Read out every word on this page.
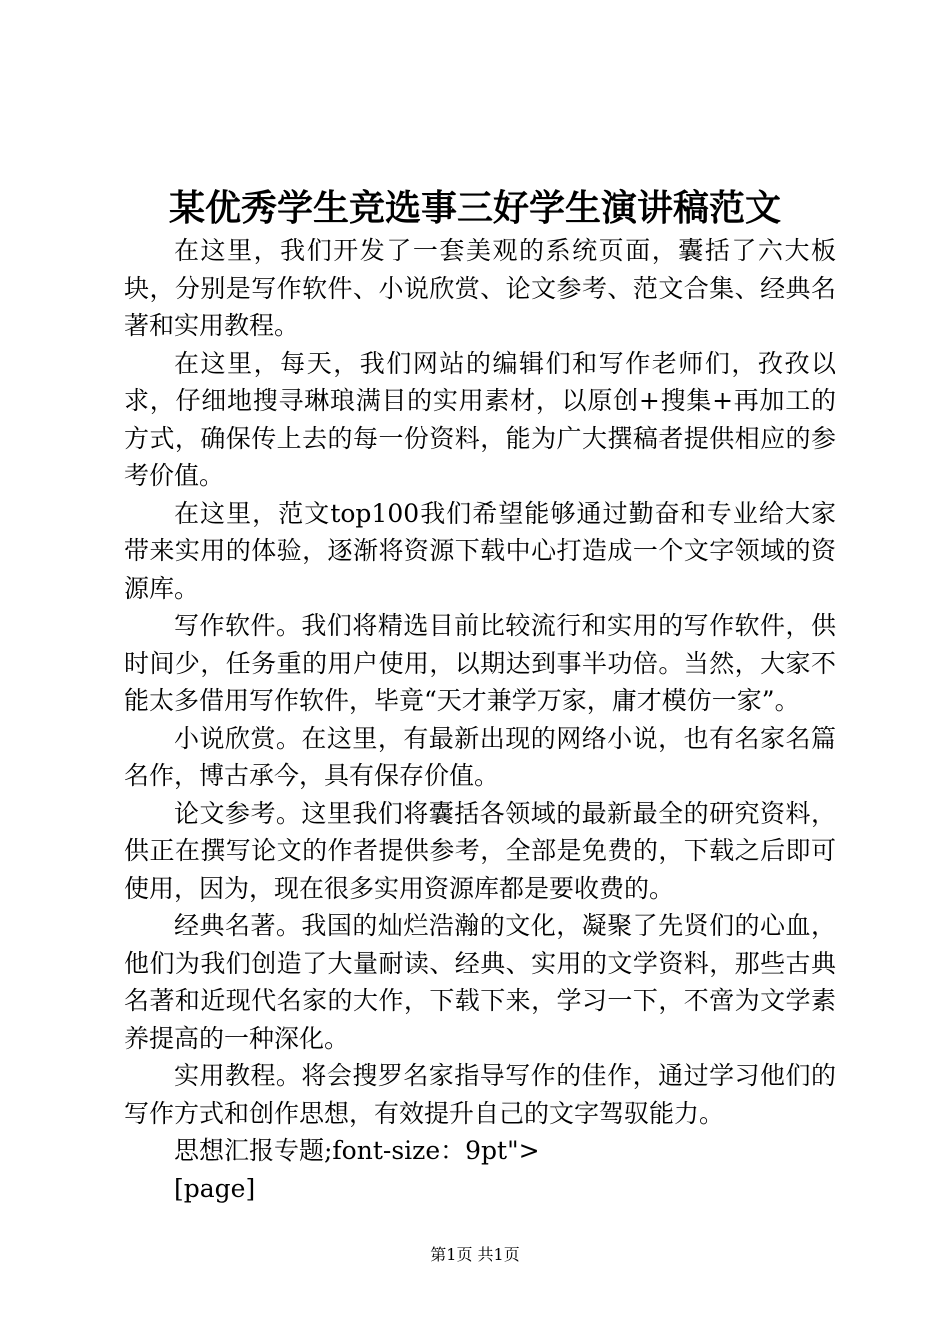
某优秀学生竞选事三好学生演讲稿范文

在这里，我们开发了一套美观的系统页面，囊括了六大板块，分别是写作软件、小说欣赏、论文参考、范文合集、经典名著和实用教程。

在这里，每天，我们网站的编辑们和写作老师们，孜孜以求，仔细地搜寻琳琅满目的实用素材，以原创+搜集+再加工的方式，确保传上去的每一份资料，能为广大撰稿者提供相应的参考价值。

在这里，范文top100我们希望能够通过勤奋和专业给大家带来实用的体验，逐渐将资源下载中心打造成一个文字领域的资源库。

写作软件。我们将精选目前比较流行和实用的写作软件，供时间少，任务重的用户使用，以期达到事半功倍。当然，大家不能太多借用写作软件，毕竟“天才兼学万家，庸才模仿一家”。

小说欣赏。在这里，有最新出现的网络小说，也有名家名篇名作，博古承今，具有保存价值。

论文参考。这里我们将囊括各领域的最新最全的研究资料，供正在撰写论文的作者提供参考，全部是免费的，下载之后即可使用，因为，现在很多实用资源库都是要收费的。

经典名著。我国的灿烂浩瀚的文化，凝聚了先贤们的心血，他们为我们创造了大量耐读、经典、实用的文学资料，那些古典名著和近现代名家的大作，下载下来，学习一下，不啻为文学素养提高的一种深化。

实用教程。将会搜罗名家指导写作的佳作，通过学习他们的写作方式和创作思想，有效提升自己的文字驾驭能力。

思想汇报专题;font-size：9pt">

[page]

第1页 共1页
